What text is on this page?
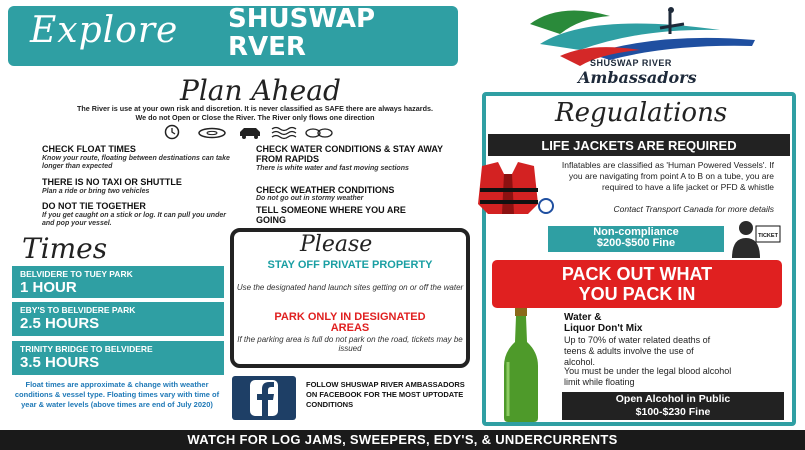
Explore SHUSWAP
RVER
SHUSWAP RIVER
Ambassadors
Plan Ahead
The River is use at your own risk and discretion. It is never classified as SAFE there are always hazards.
We do not Open or Close the River. The River only flows one direction
CHECK FLOAT TIMES
Know your route, floating between destinations can take longer than expected
THERE IS NO TAXI OR SHUTTLE
Plan a ride or bring two vehicles
DO NOT TIE TOGETHER
If you get caught on a stick or log. It can pull you under and pop your vessel.
CHECK WATER CONDITIONS & STAY AWAY FROM RAPIDS
There is white water and fast moving sections
CHECK WEATHER CONDITIONS
Do not go out in stormy weather
TELL SOMEONE WHERE YOU ARE GOING
Times
BELVIDERE TO TUEY PARK
1 HOUR
EBY'S TO BELVIDERE PARK
2.5 HOURS
TRINITY BRIDGE TO BELVIDERE
3.5 HOURS
Float times are approximate & change with weather conditions & vessel type. Floating times vary with time of year & water levels (above times are end of July 2020)
Please
STAY OFF PRIVATE PROPERTY
Use the designated hand launch sites getting on or off the water
PARK ONLY IN DESIGNATED AREAS
If the parking area is full do not park on the road, tickets may be issued
FOLLOW SHUSWAP RIVER AMBASSADORS ON FACEBOOK FOR THE MOST UPTODATE CONDITIONS
Regualations
LIFE JACKETS ARE REQUIRED
Inflatables are classified as 'Human Powered Vessels'. If you are navigating from point A to B on a tube, you are required to have a life jacket or PFD & whistle
Contact Transport Canada for more details
Non-compliance
$200-$500 Fine
TICKET
PACK OUT WHAT
YOU PACK IN
Water &
Liquor Don't Mix
Up to 70% of water related deaths of teens & adults involve the use of alcohol.
You must be under the legal blood alcohol limit while floating
Open Alcohol in Public
$100-$230 Fine
WATCH FOR LOG JAMS, SWEEPERS, EDY'S, & UNDERCURRENTS
